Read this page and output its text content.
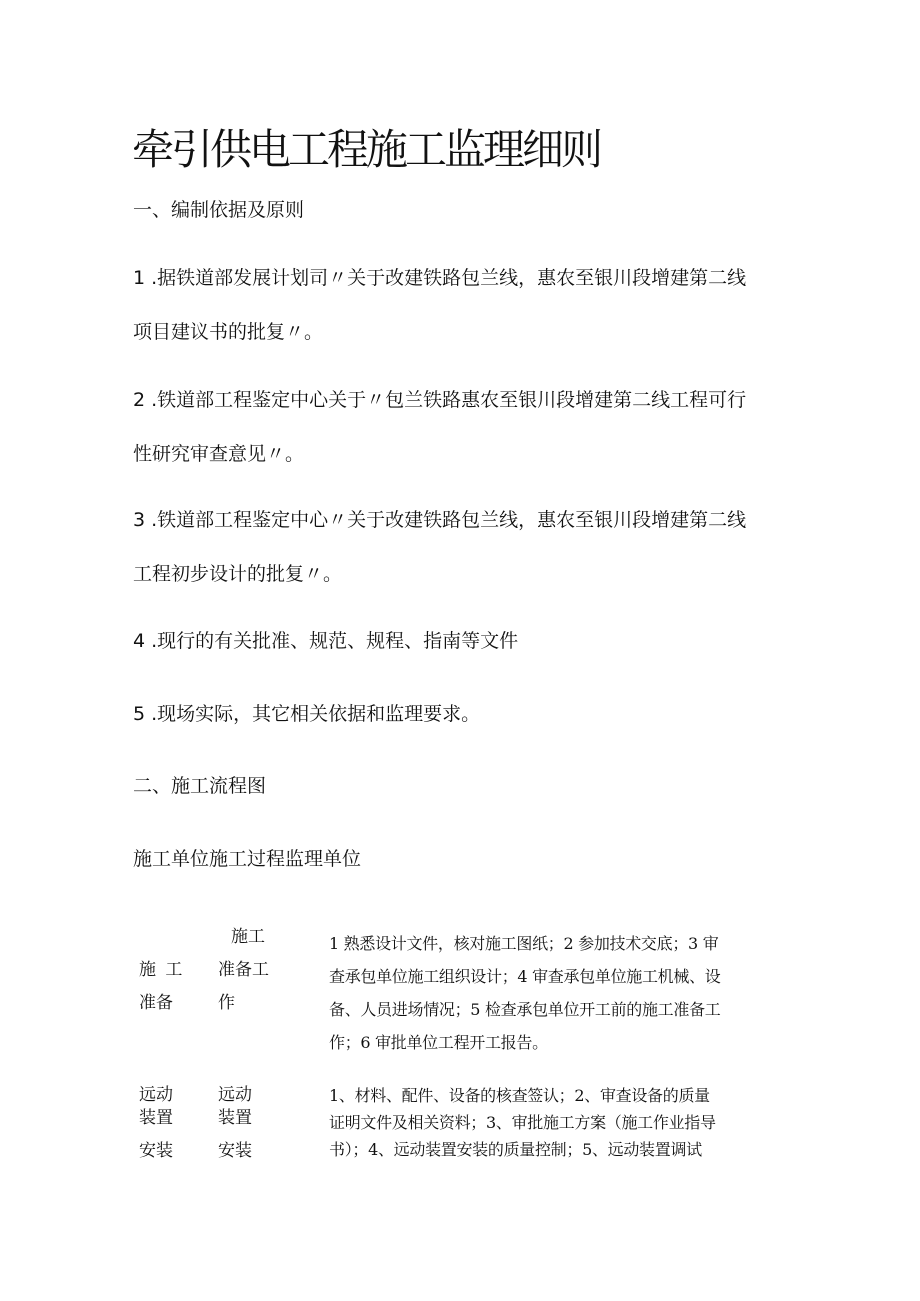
牵引供电工程施工监理细则
一、编制依据及原则
1 .据铁道部发展计划司〃关于改建铁路包兰线，惠农至银川段增建第二线
项目建议书的批复〃。
2 .铁道部工程鉴定中心关于〃包兰铁路惠农至银川段增建第二线工程可行
性研究审查意见〃。
3 .铁道部工程鉴定中心〃关于改建铁路包兰线，惠农至银川段增建第二线
工程初步设计的批复〃。
4 .现行的有关批准、规范、规程、指南等文件
5 .现场实际，其它相关依据和监理要求。
二、施工流程图
施工单位施工过程监理单位
施 工
准备
施工
准备工
作
1 熟悉设计文件，核对施工图纸；2 参加技术交底；3 审
查承包单位施工组织设计；4 审查承包单位施工机械、设
备、人员进场情况；5 检查承包单位开工前的施工准备工
作；6 审批单位工程开工报告。
远动
装置
安装
远动
装置
安装
1、材料、配件、设备的核查签认；2、审查设备的质量
证明文件及相关资料；3、审批施工方案（施工作业指导
书）；4、远动装置安装的质量控制；5、远动装置调试
